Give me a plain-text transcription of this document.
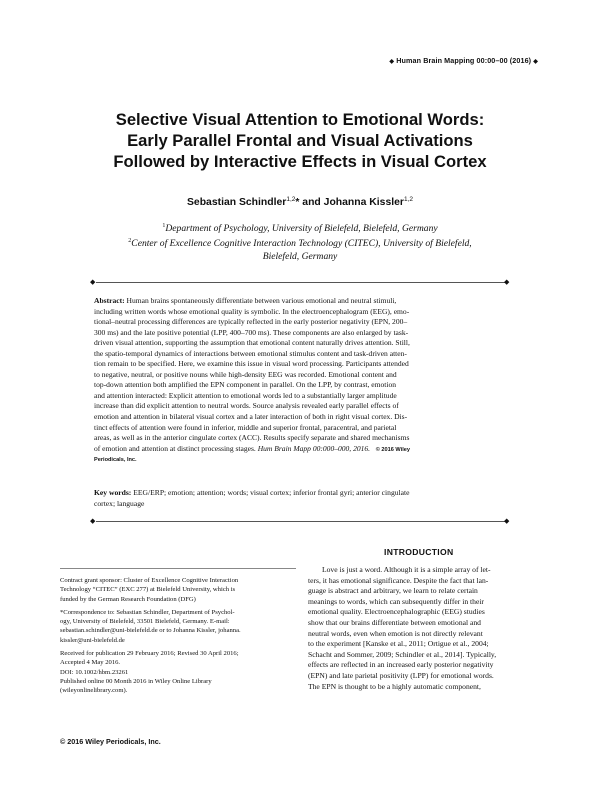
◆ Human Brain Mapping 00:00–00 (2016) ◆
Selective Visual Attention to Emotional Words:
Early Parallel Frontal and Visual Activations
Followed by Interactive Effects in Visual Cortex
Sebastian Schindler$^{1,2}$* and Johanna Kissler$^{1,2}$
$^1$Department of Psychology, University of Bielefeld, Bielefeld, Germany
$^2$Center of Excellence Cognitive Interaction Technology (CITEC), University of Bielefeld,
Bielefeld, Germany
◆	◆
Abstract: Human brains spontaneously differentiate between various emotional and neutral stimuli,
including written words whose emotional quality is symbolic. In the electroencephalogram (EEG), emo-
tional–neutral processing differences are typically reflected in the early posterior negativity (EPN, 200–
300 ms) and the late positive potential (LPP, 400–700 ms). These components are also enlarged by task-
driven visual attention, supporting the assumption that emotional content naturally drives attention. Still,
the spatio-temporal dynamics of interactions between emotional stimulus content and task-driven atten-
tion remain to be specified. Here, we examine this issue in visual word processing. Participants attended
to negative, neutral, or positive nouns while high-density EEG was recorded. Emotional content and
top-down attention both amplified the EPN component in parallel. On the LPP, by contrast, emotion
and attention interacted: Explicit attention to emotional words led to a substantially larger amplitude
increase than did explicit attention to neutral words. Source analysis revealed early parallel effects of
emotion and attention in bilateral visual cortex and a later interaction of both in right visual cortex. Dis-
tinct effects of attention were found in inferior, middle and superior frontal, paracentral, and parietal
areas, as well as in the anterior cingulate cortex (ACC). Results specify separate and shared mechanisms
of emotion and attention at distinct processing stages. Hum Brain Mapp 00:000–000, 2016. © 2016 Wiley
Periodicals, Inc.
Key words: EEG/ERP; emotion; attention; words; visual cortex; inferior frontal gyri; anterior cingulate
cortex; language
◆	◆
INTRODUCTION
Love is just a word. Although it is a simple array of let-
ters, it has emotional significance. Despite the fact that lan-
guage is abstract and arbitrary, we learn to relate certain
meanings to words, which can subsequently differ in their
emotional quality. Electroencephalographic (EEG) studies
show that our brains differentiate between emotional and
neutral words, even when emotion is not directly relevant
to the experiment [Kanske et al., 2011; Ortigue et al., 2004;
Schacht and Sommer, 2009; Schindler et al., 2014]. Typically,
effects are reflected in an increased early posterior negativity
(EPN) and late parietal positivity (LPP) for emotional words.
The EPN is thought to be a highly automatic component,
Contract grant sponsor: Cluster of Excellence Cognitive Interaction
Technology “CITEC” (EXC 277) at Bielefeld University, which is
funded by the German Research Foundation (DFG)
*Correspondence to: Sebastian Schindler, Department of Psychol-
ogy, University of Bielefeld, 33501 Bielefeld, Germany. E-mail:
sebastian.schindler@uni-bielefeld.de or to Johanna Kissler, johanna.
kissler@uni-bielefeld.de
Received for publication 29 February 2016; Revised 30 April 2016;
Accepted 4 May 2016.
DOI: 10.1002/hbm.23261
Published online 00 Month 2016 in Wiley Online Library
(wileyonlinelibrary.com).
© 2016 Wiley Periodicals, Inc.
